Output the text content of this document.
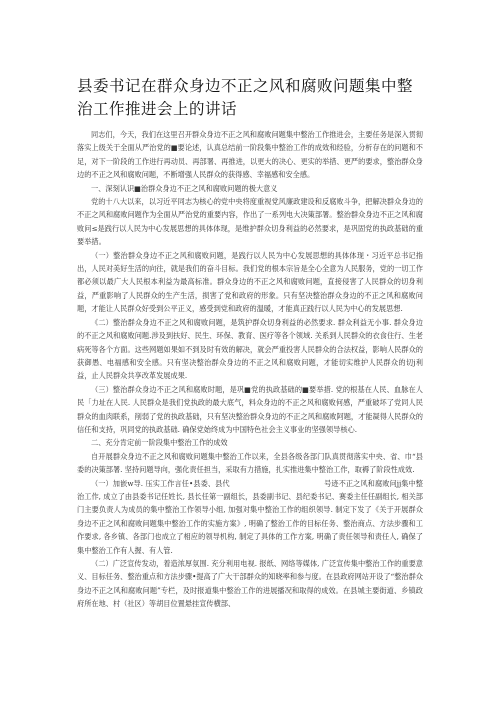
县委书记在群众身边不正之风和腐败问题集中整治工作推进会上的讲话

同志们，今天，我们在这里召开群众身边不正之风和腐败问题集中整治工作推进会，主要任务是深入贯彻落实上级关于全面从严治党的■要论述，认真总结前一阶段集中整治工作的成效和经验，分析存在的问题和不足，对下一阶段的工作进行再动员、再部署、再推进，以更大的决心、更实的举措、更严的要求，整治群众身边的不正之风和腐败问题，不断增强人民群众的获得感、幸福感和安全感。

一、深刻认识■治群众身边不正之风和腐败问题的极大意义

党的十八大以来，以习近平同志为核心的党中央将度重视党风廉政建设和反腐败斗争，把解决群众身边的不正之风和腐败问题作为全面从严治党的重要内容，作出了一系列电大决策部署。整治群众身边不正之风和腐败问≤是践行以人民为中心发展思想的具体体现，是维护群众切身利益的必然要求，是巩固党的执政基础的重要举措。

（一）整治群众身边不正之风和腐败问题，是践行以人民为中心发展思想的具体体现・习近平总书记指出，人民对美好生活的向往，就是我们的奋斗目标。我们党的根本宗旨是全心全意为人民服务，党的一切工作都必须以最广大人民根本利益为最高标准。群众身边的不正之风和腐败问题，直接侵害了人民群众的切身利益，严重影响了人民群众的生产生活，损害了党和政府的形象。只有坚决整治群众身边的不正之风和腐败问题，才能让人民群众好受到公平正义，感受到党和政府的温暖，才能真正践行以人民为中心的发展思想.

《二）整治群众身边不正之风和腐败问题，是筑护群众切身利益的必然要求. 群众利益无小事. 群众身边的不正之风和腐败问题.涉及到扶好、民生、环保、教育、医疗等各个领域. 关系到人民群众的衣食住行、生老病死等各个方面。这些网题如果如不到及时有效的解决，就会严重投害人民群众的合法权益，影响人民群众的获御愚、电福感和安全感。只有坚决整治群众身边的不正之风和腐败问题，才能切实维护人民群众的切j利益，止人民群众共享改革发展成果.

（三）整治群众身边不正之风和腐败时题，是巩■党的执政基础的■要举措. 党的根基在人民、血脉在人民「力址在人民. 人民群众是我们党执政的最大底气，料众身边的不正之风和腐败何感，严重破坏了党同人民群众的血肉联系，削弱了党的执政基础，只有坚决整治群众身边的不正之风和腐败阿题，才能凝得人民群众的信任和支持，巩同党的执政基础. 确保党始终成为中国特色社会主义事业的坚强领导核心.

二、充分肯定前一阶段集中整治工作的成效

自开展群众身边不正之风和腐败问题集中整治工作以来，全县各级各部门队真贯彻落实中央、省、巾“县委的决策部署. 坚持问题导向，强化责任担当，采取有力措施，扎实推进集中整治工作，取褥了阶段性成效.

（一）加嵌w导. 压实工作言任•县委、县代　　　　　　　　　　　　　号迹不正之风和腐败问jj集中整治工作, 成立了由县委书记任姓长, 县长任第一副组长，县委副书记、县纪委书记、赛委主任任副组长, 相关部门主要负责人为成员的集中整治工作领导小组, 加强对集中整治工作的组织领导. 制定下发了《关于开展群众身边不正之风和腐败问题集中整治工作的实施方案》, 明确了整治工作的目标任务、整治商点、方法步骤和工作要求, 各乡镇、各部门也成立了相应的领导机构, 制定了具体的工作方案, 明确了责任领导和责任人, 确保了集中整治工作有人握、有人管.

（二）广泛宣传发动，着造浓厚氛围. 充分利用电视. 报纸、网络等媒体, 广泛宣传集中整治工作的重要意义、目标任务、整治重点和方法步骤•提高了广大干部群众的知晓率和参与度。在县政府网站开设了“整治群众身边不正之风和腐败问题”专栏，及时报道集中整治工作的进展播况和取得的成效。在县城主要街道、乡镇政府所在地、村（社区）等胡目位置悬挂宣传横部、
